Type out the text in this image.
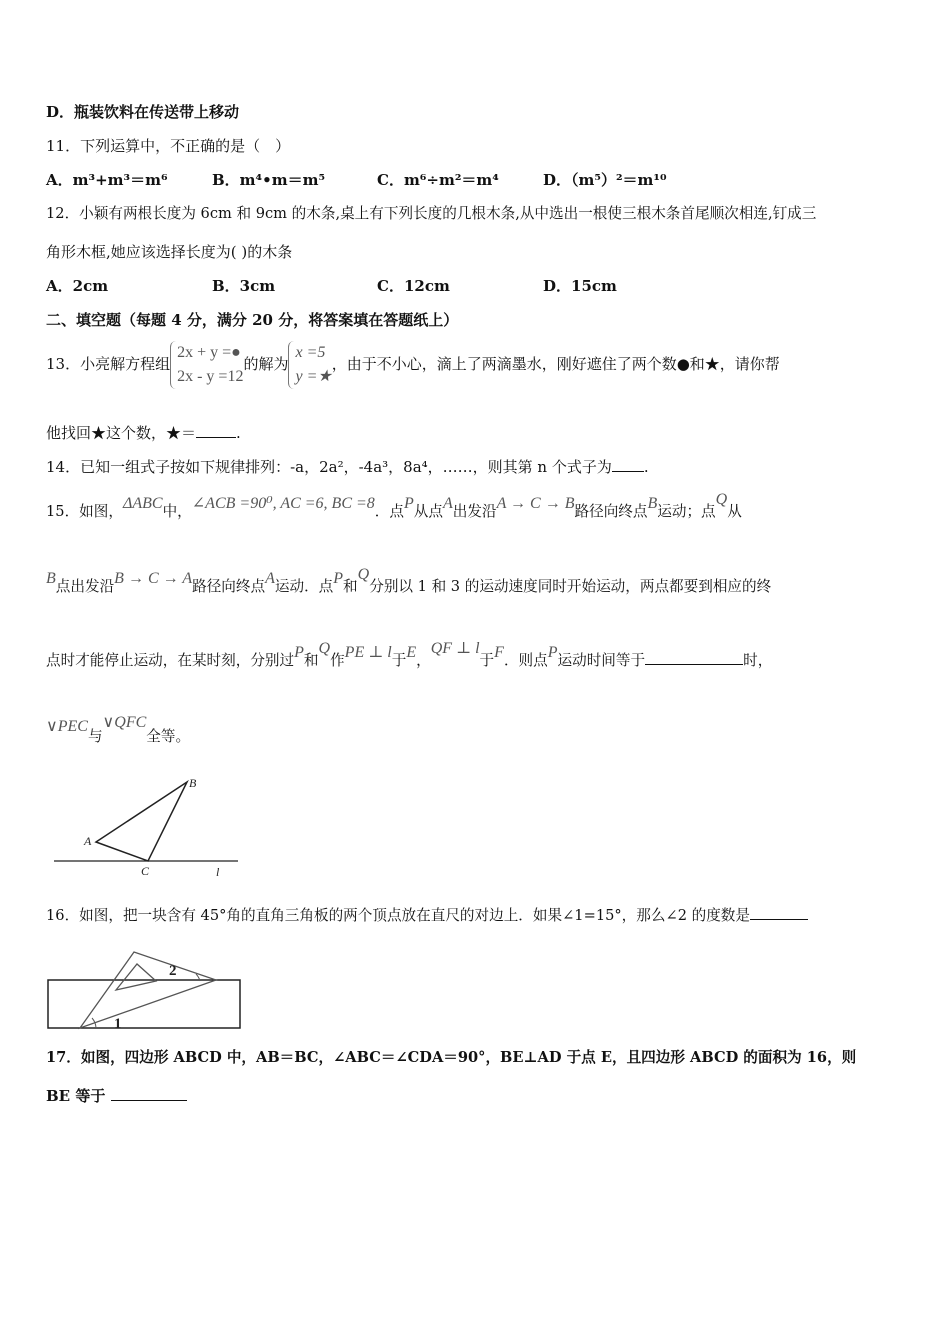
D．瓶装饮料在传送带上移动
11．下列运算中，不正确的是（　）
A．m³+m³＝m⁶	B．m⁴•m＝m⁵	C．m⁶÷m²＝m⁴	D．（m⁵）²＝m¹⁰
12．小颖有两根长度为 6cm 和 9cm 的木条,桌上有下列长度的几根木条,从中选出一根使三根木条首尾顺次相连,钉成三
角形木框,她应该选择长度为( )的木条
A．2cm	B．3cm	C．12cm	D．15cm
二、填空题（每题 4 分，满分 20 分，将答案填在答题纸上）
13．小亮解方程组
2x + y =●
2x - y =12
的解为
x =5
y =★
，由于不小心，滴上了两滴墨水，刚好遮住了两个数●和★，请你帮
他找回★这个数，★＝	.
14．已知一组式子按如下规律排列：-a，2a²，-4a³，8a⁴，……，则其第 n 个式子为 .
15．如图，ΔABC中，∠ACB =90⁰, AC =6, BC =8．点P从点A出发沿A → C → B路径向终点B运动；点Q从
B点出发沿B → C → A路径向终点A运动．点P和Q分别以 1 和 3 的运动速度同时开始运动，两点都要到相应的终
点时才能停止运动，在某时刻，分别过P和Q作PE ⊥ l于E，QF ⊥ l于F．则点P运动时间等于	时，
∨PEC与∨QFC全等。
A
B
C	l
16．如图，把一块含有 45°角的直角三角板的两个顶点放在直尺的对边上．如果∠1=15°，那么∠2 的度数是
1
2
17．如图，四边形 ABCD 中，AB＝BC，∠ABC＝∠CDA＝90°，BE⊥AD 于点 E，且四边形 ABCD 的面积为 16，则
BE 等于
